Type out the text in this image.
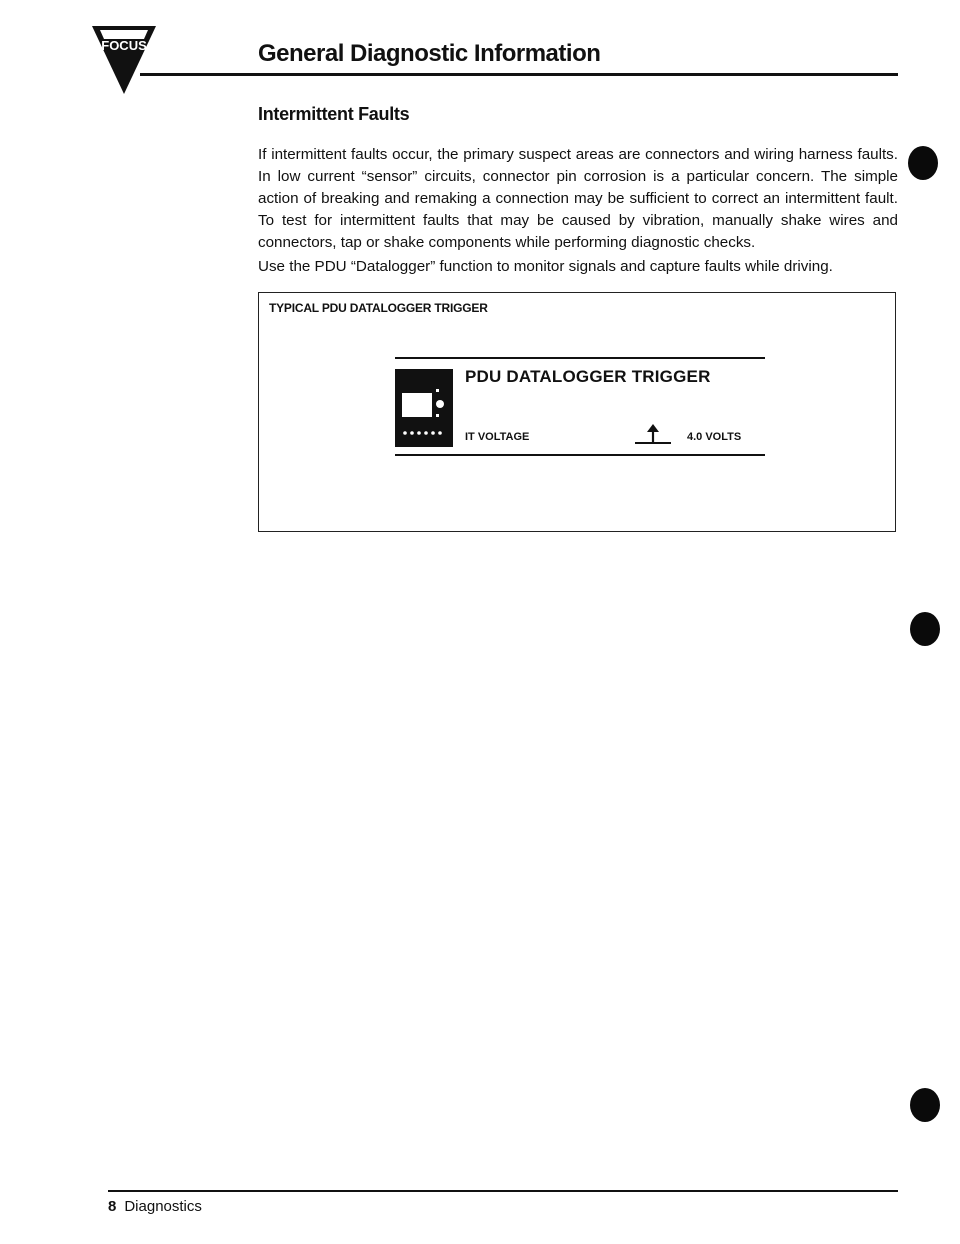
FOCUS	General Diagnostic Information
Intermittent Faults

If intermittent faults occur, the primary suspect areas are connectors and wiring harness faults. In low current “sensor” circuits, connector pin corrosion is a particular concern. The simple action of breaking and remaking a connection may be sufficient to correct an intermittent fault. To test for intermittent faults that may be caused by vibration, manually shake wires and connectors, tap or shake components while performing diagnostic checks.

Use the PDU “Datalogger” function to monitor signals and capture faults while driving.

TYPICAL PDU DATALOGGER TRIGGER
PDU DATALOGGER TRIGGER
IT VOLTAGE	4.0 VOLTS
8 Diagnostics
